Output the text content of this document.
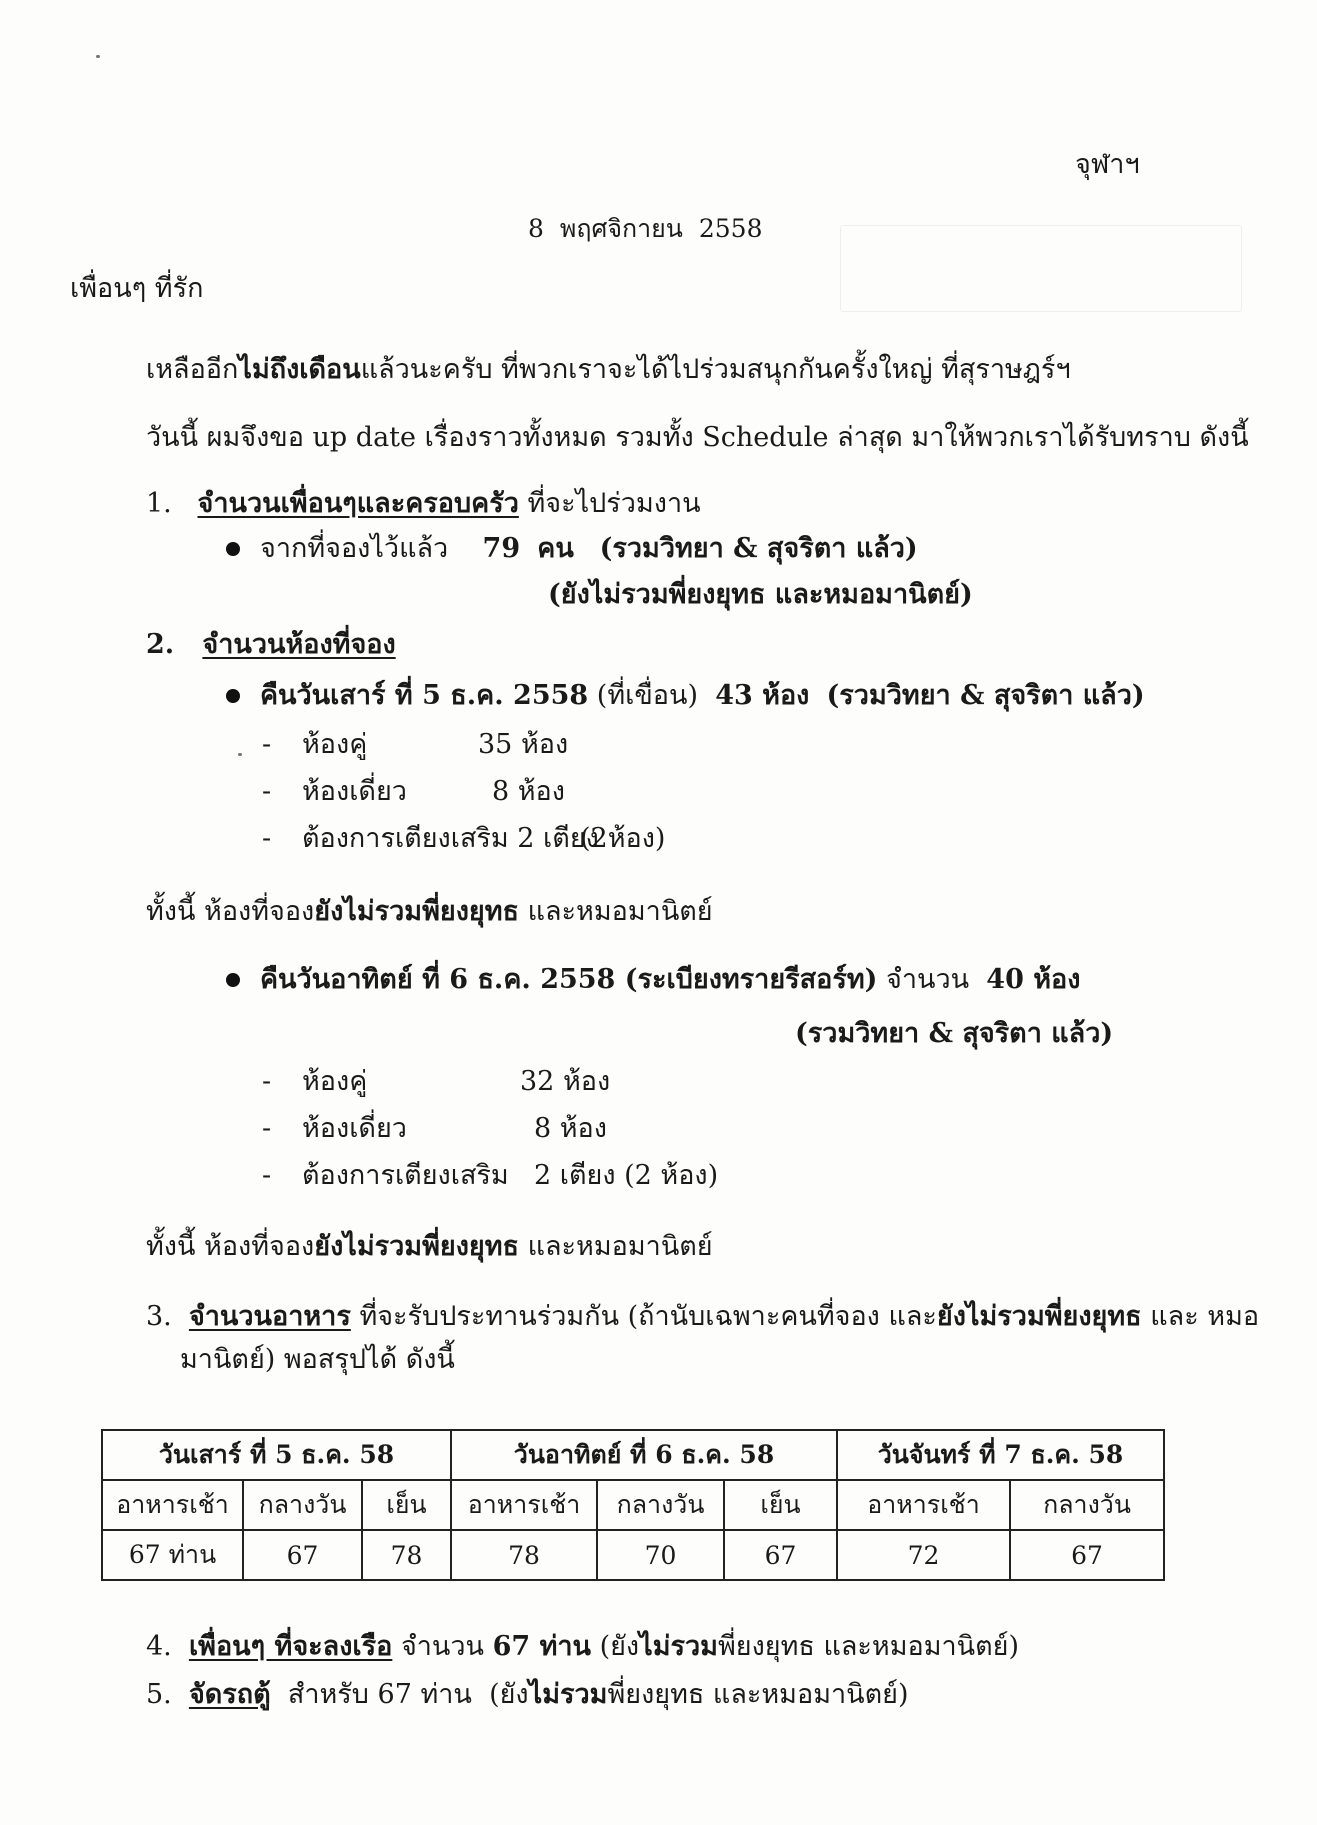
จุฬาฯ
8 พฤศจิกายน 2558
เพื่อนๆ ที่รัก
เหลืออีกไม่ถึงเดือนแล้วนะครับ ที่พวกเราจะได้ไปร่วมสนุกกันครั้งใหญ่ ที่สุราษฎร์ฯ
วันนี้ ผมจึงขอ up date เรื่องราวทั้งหมด รวมทั้ง Schedule ล่าสุด มาให้พวกเราได้รับทราบ ดังนี้
1. จำนวนเพื่อนๆและครอบครัว ที่จะไปร่วมงาน
จากที่จองไว้แล้ว 79 คน (รวมวิทยา & สุจริตา แล้ว)
(ยังไม่รวมพี่ยงยุทธ และหมอมานิตย์)
2. จำนวนห้องที่จอง
คืนวันเสาร์ ที่ 5 ธ.ค. 2558 (ที่เขื่อน) 43 ห้อง (รวมวิทยา & สุจริตา แล้ว)
- ห้องคู่	35 ห้อง
- ห้องเดี่ยว	8 ห้อง
- ต้องการเตียงเสริม 2 เตียง
(2ห้อง)
ทั้งนี้ ห้องที่จองยังไม่รวมพี่ยงยุทธ และหมอมานิตย์
คืนวันอาทิตย์ ที่ 6 ธ.ค. 2558 (ระเบียงทรายรีสอร์ท) จำนวน 40 ห้อง
(รวมวิทยา & สุจริตา แล้ว)
- ห้องคู่	32 ห้อง
- ห้องเดี่ยว	8 ห้อง
- ต้องการเตียงเสริม 2 เตียง (2 ห้อง)
ทั้งนี้ ห้องที่จองยังไม่รวมพี่ยงยุทธ และหมอมานิตย์
3. จำนวนอาหาร ที่จะรับประทานร่วมกัน (ถ้านับเฉพาะคนที่จอง และยังไม่รวมพี่ยงยุทธ และ หมอ
มานิตย์) พอสรุปได้ ดังนี้
วันเสาร์ ที่ 5 ธ.ค. 58			วันอาทิตย์ ที่ 6 ธ.ค. 58			วันจันทร์ ที่ 7 ธ.ค. 58	
อาหารเช้า	กลางวัน	เย็น	อาหารเช้า	กลางวัน	เย็น	อาหารเช้า	กลางวัน
67 ท่าน	67	78	78	70	67	72	67
4. เพื่อนๆ ที่จะลงเรือ จำนวน 67 ท่าน (ยังไม่รวมพี่ยงยุทธ และหมอมานิตย์)
5. จัดรถตู้ สำหรับ 67 ท่าน (ยังไม่รวมพี่ยงยุทธ และหมอมานิตย์)
